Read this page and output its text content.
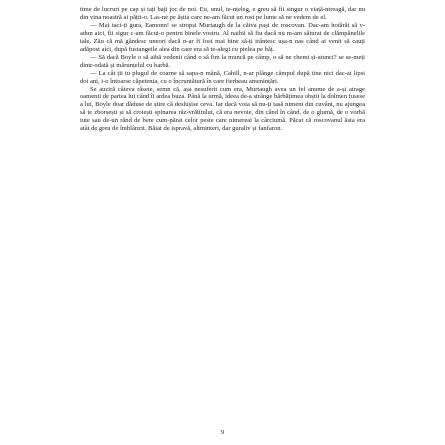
time de lucruri pe cap și tați bați joc de noi. Eu, unul, te-nțeleg, e greu să fii singur o viață-ntreagă, dar nu din vina noastră ai pățit-o. Las-ne pe ăștia care ne-am făcut un rost pe lume să ne vedem de el.

— Mai taci-ți gura, Eamonn! se stropși Murtaugh de la căiva pași de roscovan. Dac-am hotărât să v-adun aici, fii sigur c-am făcut-o pentru binele vostru. Al naibii să fiu dacă nu m-am săturat de clămpănelile tale. Zău că mă gândesc uneori dacă n-ar fi fost mai bine să-ți trântesc ușa-n nas când ai venit să cauți adăpost aici, după fustangeile alea din care era să te-alegi cu pielea pe băț.

— Să dacă Boyle o să aibă vedenii când o să fim la muncă pe câmp, o să ne chemi și-atunci? se se-meți dintr-odată și mărunțelul cu barbă.

— La cât ții tu plugul de coarne să sapa-n mână, Cahill, n-ar plânge câmpul după tine nici dac-ai lipsi doi ani, i-o întoarse căpetenia, cu o încruntătură în care fierbeau amenințări.

Se auziră câteva râsete, semn că, așa nesuferit cum era, Murtaugh avea un fel anume de a-și atrage oamenii de partea lui când îi ardea buza. Până la urmă, ideea de-a strânge bărbățimea obștii la dolmen fusese a lui, Boyle doar dăduse de știre că deslușise ceva. Iar dacă voia să nu-ți iasă nimeni din cuvânt, nu ajungea să te zborșești și să croiești spinarea răz-vrătitului, că era nevoie, din când în când, de o glumă, de o vorbă iute sau de-un rând de bere cum-părat celor peste care nimereai la cârciumă. Păcat că roscovanul ăsta era atât de greu de îmblânzit. Băiat de ispravă, altminteri, dar guraliv și fanfaron.

9
